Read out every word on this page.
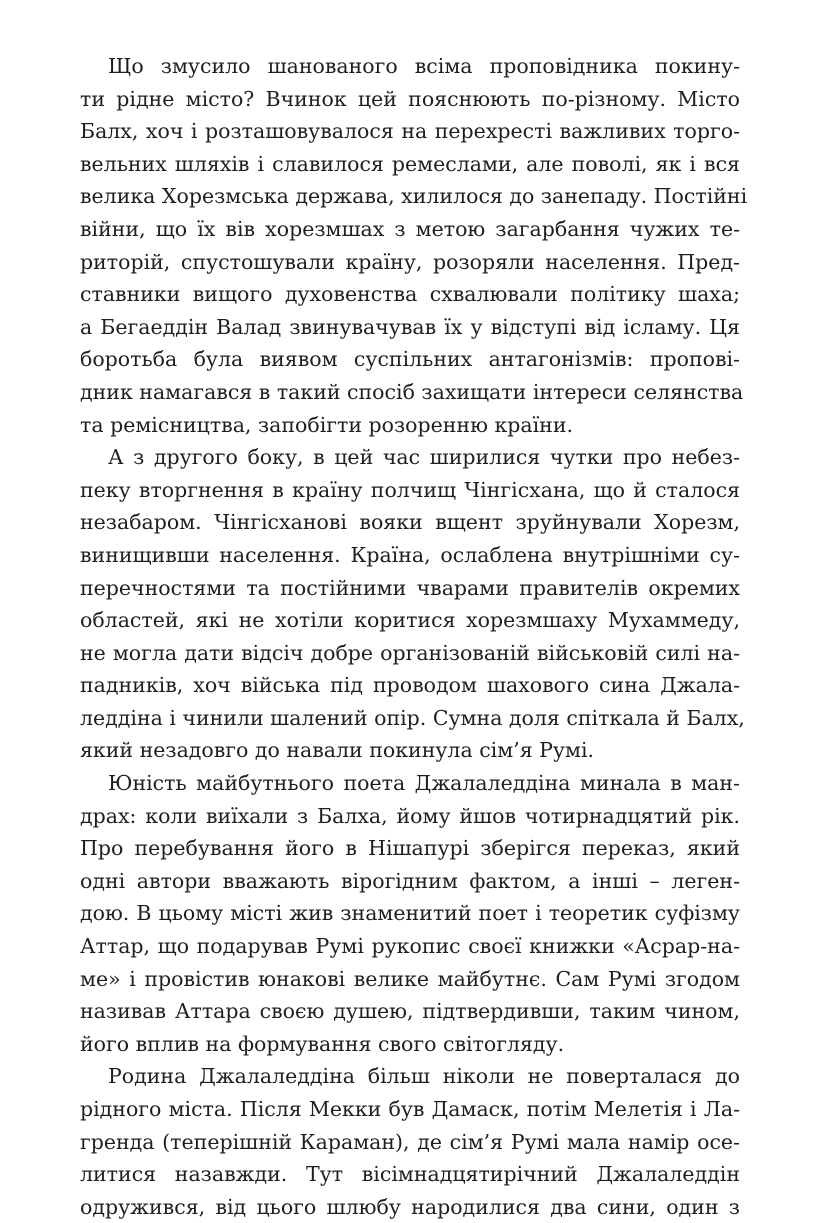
Що змусило шанованого всіма проповідника покину-
ти рідне місто? Вчинок цей пояснюють по-різному. Місто
Балх, хоч і розташовувалося на перехресті важливих торго-
вельних шляхів і славилося ремеслами, але поволі, як і вся
велика Хорезмська держава, хилилося до занепаду. Постійні
війни, що їх вів хорезмшах з метою загарбання чужих те-
риторій, спустошували країну, розоряли населення. Пред-
ставники вищого духовенства схвалювали політику шаха;
а Бегаеддін Валад звинувачував їх у відступі від ісламу. Ця
боротьба була виявом суспільних антагонізмів: пропові-
дник намагався в такий спосіб захищати інтереси селянства
та ремісництва, запобігти розоренню країни.
А з другого боку, в цей час ширилися чутки про небез-
пеку вторгнення в країну полчищ Чінгісхана, що й сталося
незабаром. Чінгісханові вояки вщент зруйнували Хорезм,
винищивши населення. Країна, ослаблена внутрішніми су-
перечностями та постійними чварами правителів окремих
областей, які не хотіли коритися хорезмшаху Мухаммеду,
не могла дати відсіч добре організованій військовій силі на-
падників, хоч війська під проводом шахового сина Джала-
леддіна і чинили шалений опір. Сумна доля спіткала й Балх,
який незадовго до навали покинула сім’я Румі.
Юність майбутнього поета Джалаледдіна минала в ман-
драх: коли виїхали з Балха, йому йшов чотирнадцятий рік.
Про перебування його в Нішапурі зберігся переказ, який
одні автори вважають вірогідним фактом, а інші – леген-
дою. В цьому місті жив знаменитий поет і теоретик суфізму
Аттар, що подарував Румі рукопис своєї книжки «Асрар-на-
ме» і провістив юнакові велике майбутнє. Сам Румі згодом
називав Аттара своєю душею, підтвердивши, таким чином,
його вплив на формування свого світогляду.
Родина Джалаледдіна більш ніколи не поверталася до
рідного міста. Після Мекки був Дамаск, потім Мелетія і Ла-
гренда (теперішній Караман), де сім’я Румі мала намір осе-
литися назавжди. Тут вісімнадцятирічний Джалаледдін
одружився, від цього шлюбу народилися два сини, один з
